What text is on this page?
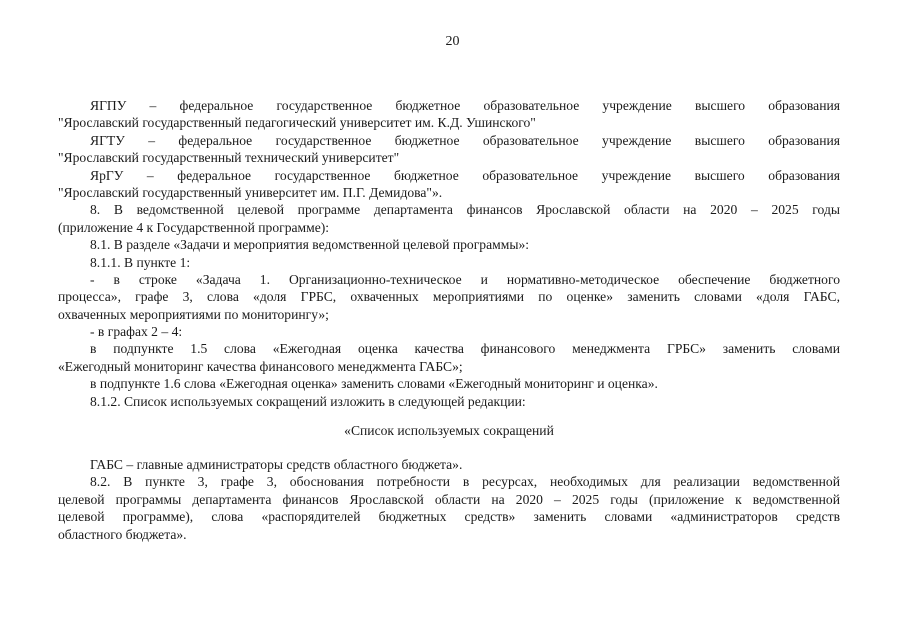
20
ЯГПУ – федеральное государственное бюджетное образовательное учреждение высшего образования
"Ярославский государственный педагогический университет им. К.Д. Ушинского"
ЯГТУ – федеральное государственное бюджетное образовательное учреждение высшего образования
"Ярославский государственный технический университет"
ЯрГУ – федеральное государственное бюджетное образовательное учреждение высшего образования
"Ярославский государственный университет им. П.Г. Демидова"».
8. В ведомственной целевой программе департамента финансов Ярославской области на 2020 – 2025 годы
(приложение 4 к Государственной программе):
8.1. В разделе «Задачи и мероприятия ведомственной целевой программы»:
8.1.1. В пункте 1:
- в строке «Задача 1. Организационно-техническое и нормативно-методическое обеспечение бюджетного
процесса», графе 3, слова «доля ГРБС, охваченных мероприятиями по оценке» заменить словами «доля ГАБС,
охваченных мероприятиями по мониторингу»;
- в графах 2 – 4:
в подпункте 1.5 слова «Ежегодная оценка качества финансового менеджмента ГРБС» заменить словами
«Ежегодный мониторинг качества финансового менеджмента ГАБС»;
в подпункте 1.6 слова «Ежегодная оценка» заменить словами «Ежегодный мониторинг и оценка».
8.1.2. Список используемых сокращений изложить в следующей редакции:
«Список используемых сокращений
ГАБС – главные администраторы средств областного бюджета».
8.2. В пункте 3, графе 3, обоснования потребности в ресурсах, необходимых для реализации ведомственной
целевой программы департамента финансов Ярославской области на 2020 – 2025 годы (приложение к ведомственной
целевой программе), слова «распорядителей бюджетных средств» заменить словами «администраторов средств
областного бюджета».
